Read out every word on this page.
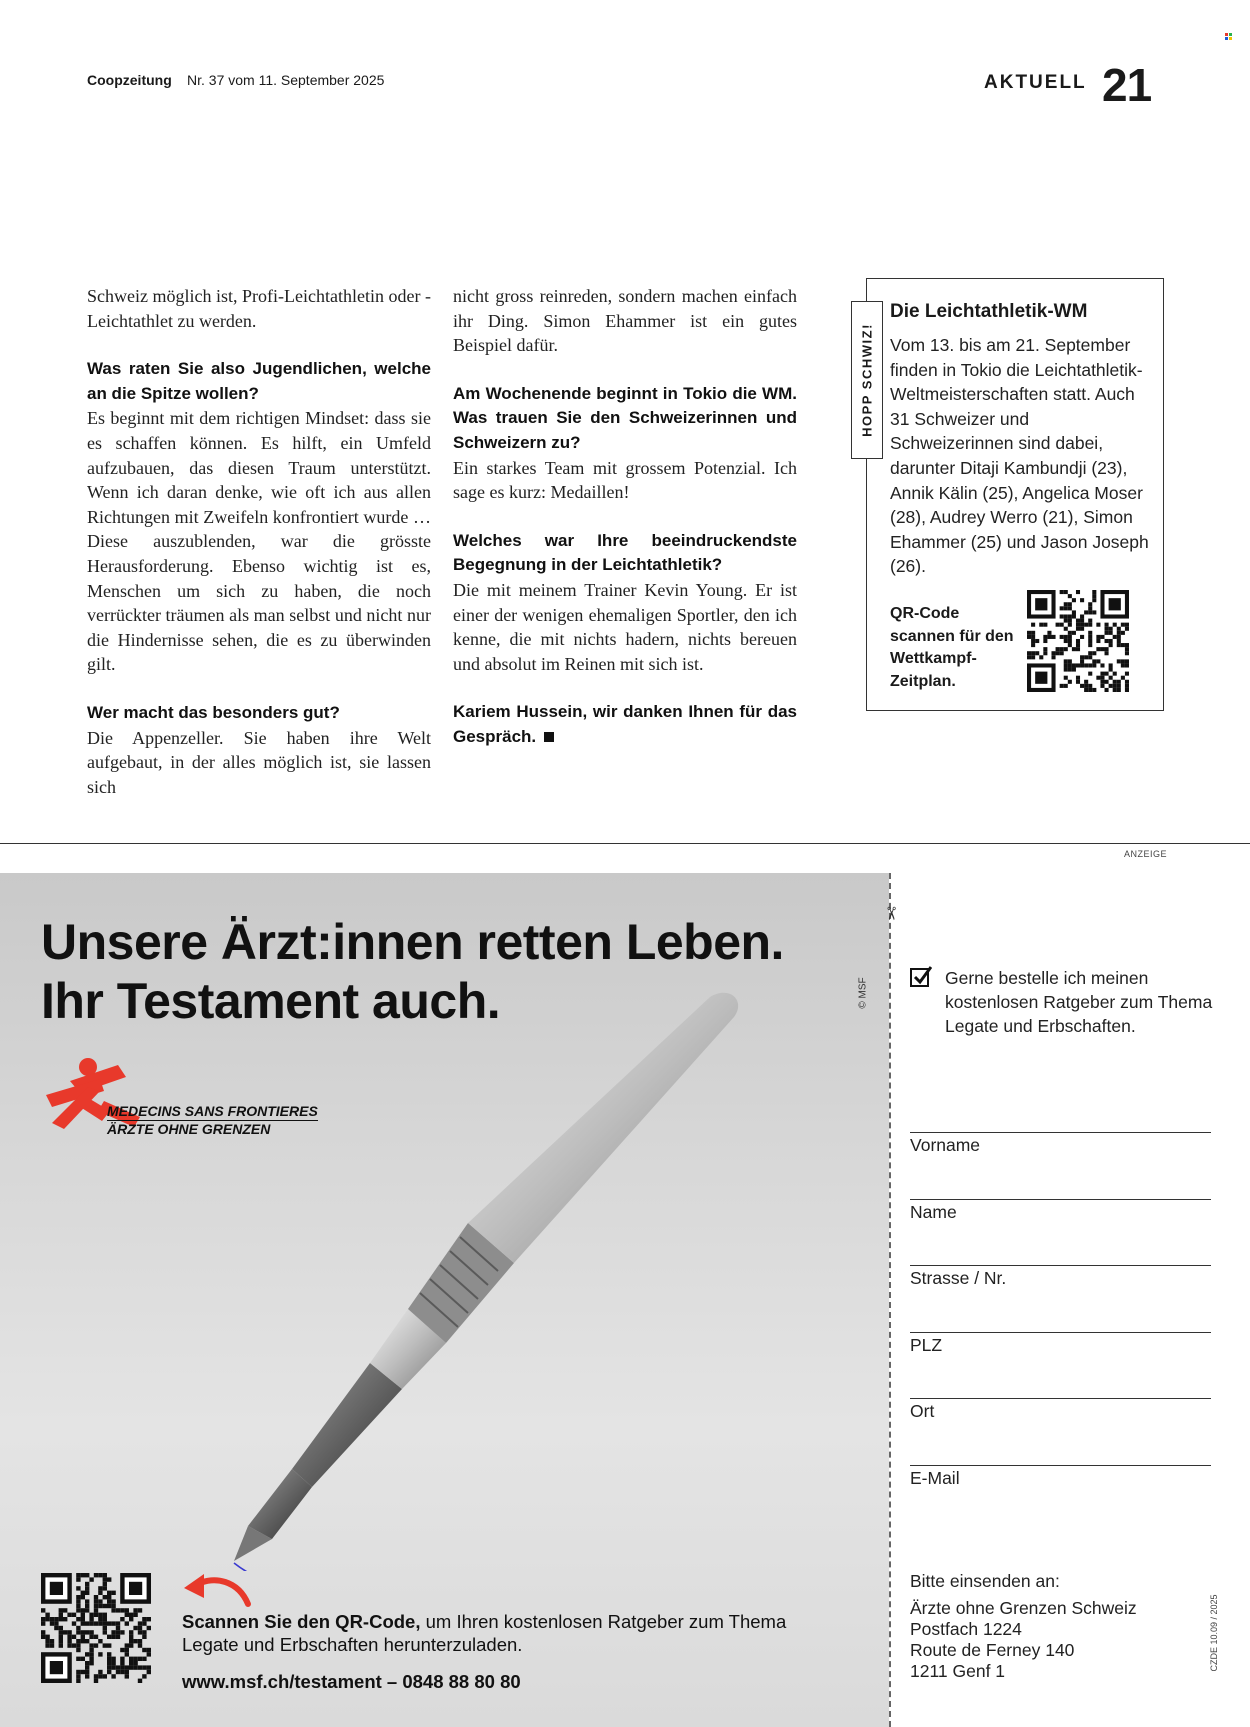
Coopzeitung Nr. 37 vom 11. September 2025	AKTUELL 21

Schweiz möglich ist, Profi-Leichtathletin oder -Leichtathlet zu werden.

Was raten Sie also Jugendlichen, welche an die Spitze wollen?

Es beginnt mit dem richtigen Mindset: dass sie es schaffen können. Es hilft, ein Umfeld aufzubauen, das diesen Traum unterstützt. Wenn ich daran denke, wie oft ich aus allen Richtungen mit Zweifeln konfrontiert wurde … Diese auszublenden, war die grösste Herausforderung. Ebenso wichtig ist es, Menschen um sich zu haben, die noch verrückter träumen als man selbst und nicht nur die Hindernisse sehen, die es zu überwinden gilt.

Wer macht das besonders gut?

Die Appenzeller. Sie haben ihre Welt aufgebaut, in der alles möglich ist, sie lassen sich

nicht gross reinreden, sondern machen einfach ihr Ding. Simon Ehammer ist ein gutes Beispiel dafür.

Am Wochenende beginnt in Tokio die WM. Was trauen Sie den Schweizerinnen und Schweizern zu?

Ein starkes Team mit grossem Potenzial. Ich sage es kurz: Medaillen!

Welches war Ihre beeindruckendste Begegnung in der Leichtathletik?

Die mit meinem Trainer Kevin Young. Er ist einer der wenigen ehemaligen Sportler, den ich kenne, die mit nichts hadern, nichts bereuen und absolut im Reinen mit sich ist.

Kariem Hussein, wir danken Ihnen für das Gespräch.

Die Leichtathletik-WM
Vom 13. bis am 21. September finden in Tokio die Leichtathletik-Weltmeisterschaften statt. Auch 31 Schweizer und Schweizerinnen sind dabei, darunter Ditaji Kambundji (23), Annik Kälin (25), Angelica Moser (28), Audrey Werro (21), Simon Ehammer (25) und Jason Joseph (26).
QR-Code scannen für den Wettkampf-Zeitplan.
HOPP SCHWIZ!
ANZEIGE
Unsere Ärzt:innen retten Leben.
Ihr Testament auch.	© MSF
MEDECINS SANS FRONTIERES
ÄRZTE OHNE GRENZEN
Scannen Sie den QR-Code, um Ihren kostenlosen Ratgeber zum Thema Legate und Erbschaften herunterzuladen.
www.msf.ch/testament – 0848 88 80 80
✂
Gerne bestelle ich meinen kostenlosen Ratgeber zum Thema Legate und Erbschaften.
Vorname
Name
Strasse / Nr.
PLZ
Ort
E-Mail
Bitte einsenden an:
Ärzte ohne Grenzen Schweiz
Postfach 1224
Route de Ferney 140
1211 Genf 1	CZDE 10.09 / 2025
